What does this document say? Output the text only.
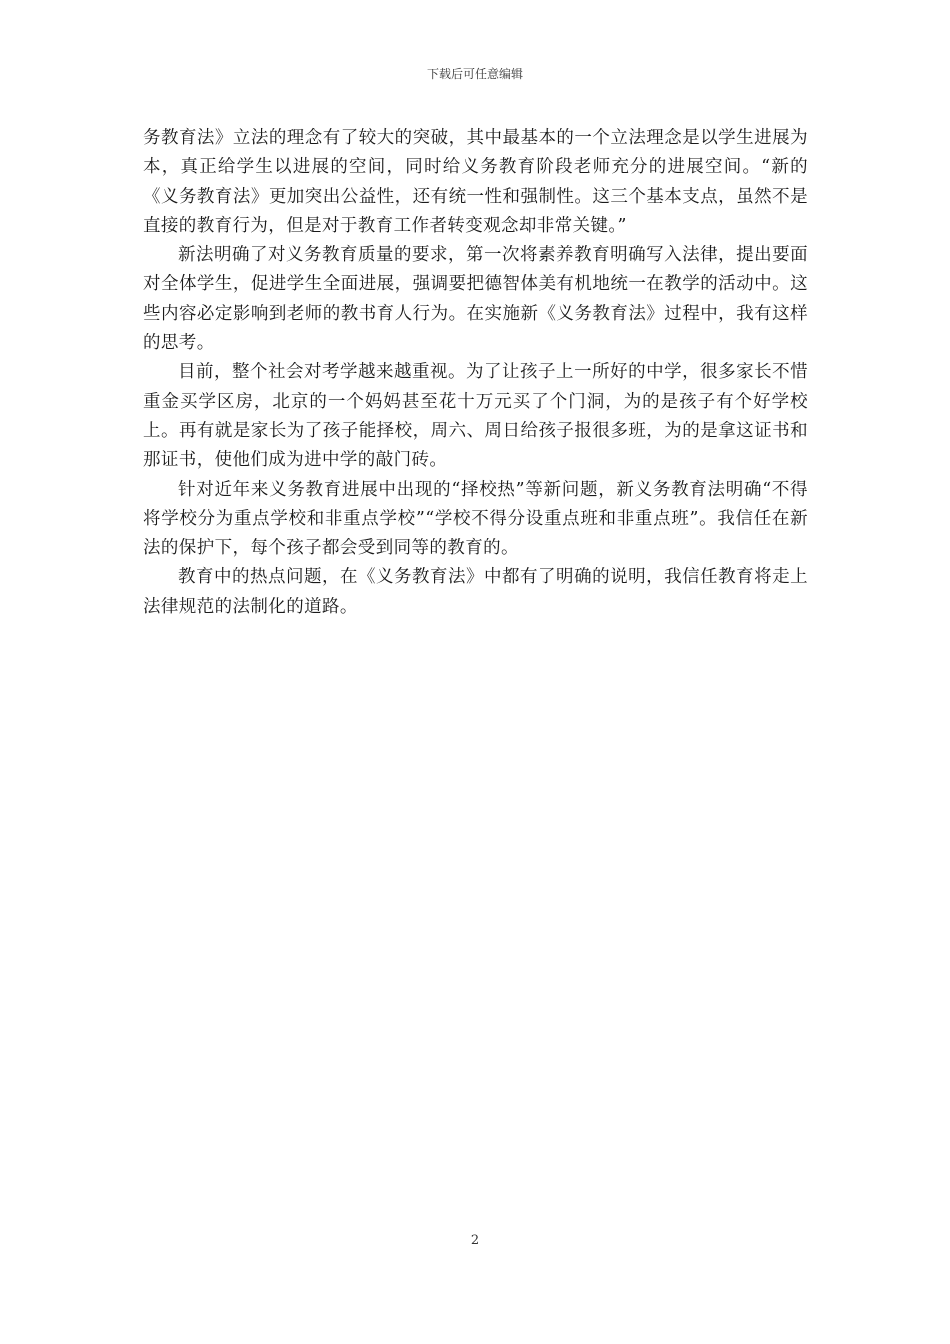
下载后可任意编辑

务教育法》立法的理念有了较大的突破，其中最基本的一个立法理念是以学生进展为本，真正给学生以进展的空间，同时给义务教育阶段老师充分的进展空间。“新的《义务教育法》更加突出公益性，还有统一性和强制性。这三个基本支点，虽然不是直接的教育行为，但是对于教育工作者转变观念却非常关键。”

新法明确了对义务教育质量的要求，第一次将素养教育明确写入法律，提出要面对全体学生，促进学生全面进展，强调要把德智体美有机地统一在教学的活动中。这些内容必定影响到老师的教书育人行为。在实施新《义务教育法》过程中，我有这样的思考。

目前，整个社会对考学越来越重视。为了让孩子上一所好的中学，很多家长不惜重金买学区房，北京的一个妈妈甚至花十万元买了个门洞，为的是孩子有个好学校上。再有就是家长为了孩子能择校，周六、周日给孩子报很多班，为的是拿这证书和那证书，使他们成为进中学的敲门砖。

针对近年来义务教育进展中出现的“择校热”等新问题，新义务教育法明确“不得将学校分为重点学校和非重点学校”“学校不得分设重点班和非重点班”。我信任在新法的保护下，每个孩子都会受到同等的教育的。

教育中的热点问题，在《义务教育法》中都有了明确的说明，我信任教育将走上法律规范的法制化的道路。

2
